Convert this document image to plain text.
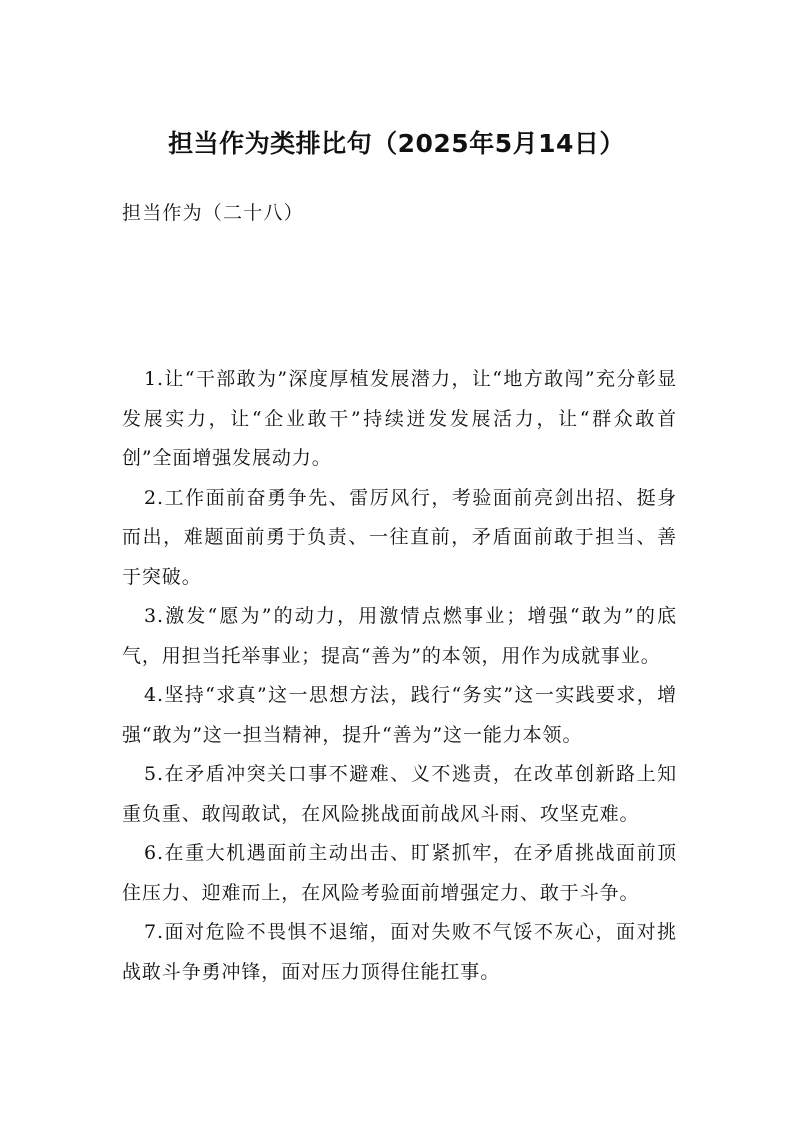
担当作为类排比句（2025年5月14日）
担当作为（二十八）

1.让“干部敢为”深度厚植发展潜力，让“地方敢闯”充分彰显发展实力，让“企业敢干”持续迸发发展活力，让“群众敢首创”全面增强发展动力。

2.工作面前奋勇争先、雷厉风行，考验面前亮剑出招、挺身而出，难题面前勇于负责、一往直前，矛盾面前敢于担当、善于突破。

3.激发“愿为”的动力，用激情点燃事业；增强“敢为”的底气，用担当托举事业；提高“善为”的本领，用作为成就事业。

4.坚持“求真”这一思想方法，践行“务实”这一实践要求，增强“敢为”这一担当精神，提升“善为”这一能力本领。

5.在矛盾冲突关口事不避难、义不逃责，在改革创新路上知重负重、敢闯敢试，在风险挑战面前战风斗雨、攻坚克难。

6.在重大机遇面前主动出击、盯紧抓牢，在矛盾挑战面前顶住压力、迎难而上，在风险考验面前增强定力、敢于斗争。

7.面对危险不畏惧不退缩，面对失败不气馁不灰心，面对挑战敢斗争勇冲锋，面对压力顶得住能扛事。
